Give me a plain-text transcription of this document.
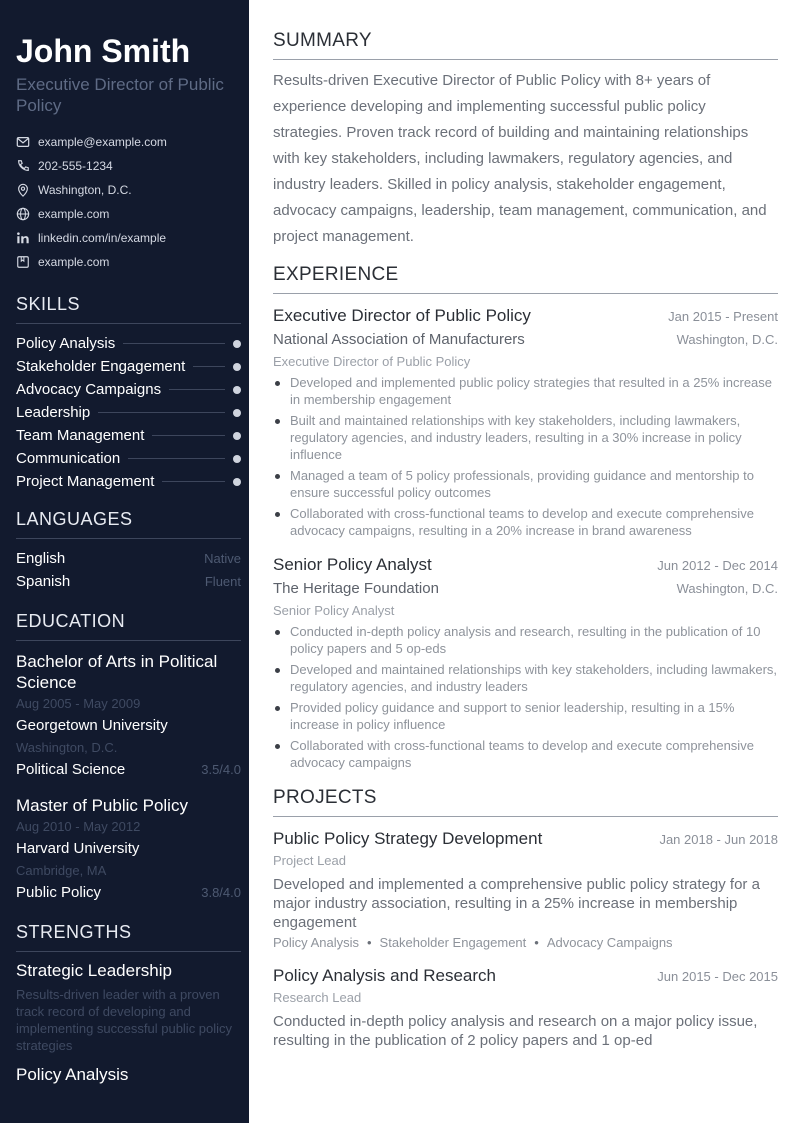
John Smith
Executive Director of Public Policy
example@example.com
202-555-1234
Washington, D.C.
example.com
linkedin.com/in/example
example.com
SKILLS
Policy Analysis
Stakeholder Engagement
Advocacy Campaigns
Leadership
Team Management
Communication
Project Management
LANGUAGES
English	Native
Spanish	Fluent
EDUCATION
Bachelor of Arts in Political Science
Aug 2005 - May 2009
Georgetown University
Washington, D.C.
Political Science	3.5/4.0
Master of Public Policy
Aug 2010 - May 2012
Harvard University
Cambridge, MA
Public Policy	3.8/4.0
STRENGTHS
Strategic Leadership
Results-driven leader with a proven track record of developing and implementing successful public policy strategies
Policy Analysis
SUMMARY
Results-driven Executive Director of Public Policy with 8+ years of experience developing and implementing successful public policy strategies. Proven track record of building and maintaining relationships with key stakeholders, including lawmakers, regulatory agencies, and industry leaders. Skilled in policy analysis, stakeholder engagement, advocacy campaigns, leadership, team management, communication, and project management.
EXPERIENCE
Executive Director of Public Policy	Jan 2015 - Present
National Association of Manufacturers	Washington, D.C.
Executive Director of Public Policy
Developed and implemented public policy strategies that resulted in a 25% increase in membership engagement
Built and maintained relationships with key stakeholders, including lawmakers, regulatory agencies, and industry leaders, resulting in a 30% increase in policy influence
Managed a team of 5 policy professionals, providing guidance and mentorship to ensure successful policy outcomes
Collaborated with cross-functional teams to develop and execute comprehensive advocacy campaigns, resulting in a 20% increase in brand awareness
Senior Policy Analyst	Jun 2012 - Dec 2014
The Heritage Foundation	Washington, D.C.
Senior Policy Analyst
Conducted in-depth policy analysis and research, resulting in the publication of 10 policy papers and 5 op-eds
Developed and maintained relationships with key stakeholders, including lawmakers, regulatory agencies, and industry leaders
Provided policy guidance and support to senior leadership, resulting in a 15% increase in policy influence
Collaborated with cross-functional teams to develop and execute comprehensive advocacy campaigns
PROJECTS
Public Policy Strategy Development	Jan 2018 - Jun 2018
Project Lead
Developed and implemented a comprehensive public policy strategy for a major industry association, resulting in a 25% increase in membership engagement
Policy Analysis • Stakeholder Engagement • Advocacy Campaigns
Policy Analysis and Research	Jun 2015 - Dec 2015
Research Lead
Conducted in-depth policy analysis and research on a major policy issue, resulting in the publication of 2 policy papers and 1 op-ed
